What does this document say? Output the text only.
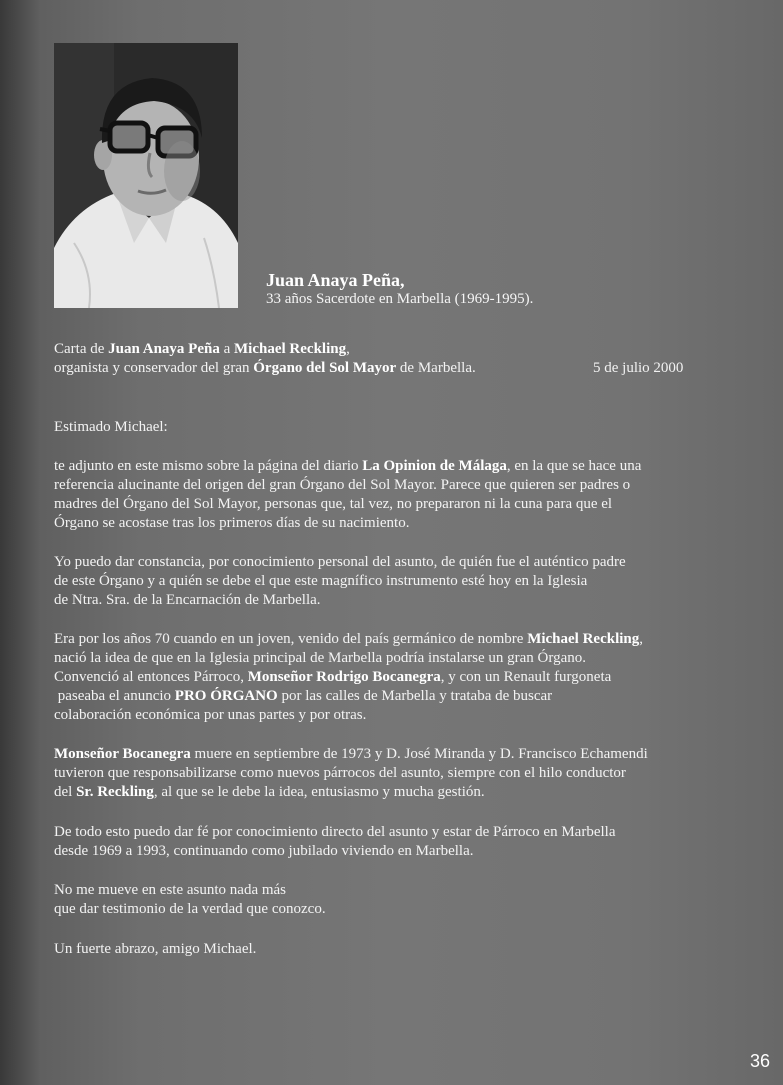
Juan Anaya Peña,
33 años Sacerdote en Marbella (1969-1995).
Carta de Juan Anaya Peña a Michael Reckling,
organista y conservador del gran Órgano del Sol Mayor de Marbella.	5 de julio 2000
Estimado Michael:
te adjunto en este mismo sobre la página del diario La Opinion de Málaga, en la que se hace una
referencia alucinante del origen del gran Órgano del Sol Mayor. Parece que quieren ser padres o
madres del Órgano del Sol Mayor, personas que, tal vez, no prepararon ni la cuna para que el
Órgano se acostase tras los primeros días de su nacimiento.
Yo puedo dar constancia, por conocimiento personal del asunto, de quién fue el auténtico padre
de este Órgano y a quién se debe el que este magnífico instrumento esté hoy en la Iglesia
de Ntra. Sra. de la Encarnación de Marbella.
Era por los años 70 cuando en un joven, venido del país germánico de nombre Michael Reckling,
nació la idea de que en la Iglesia principal de Marbella podría instalarse un gran Órgano.
Convenció al entonces Párroco, Monseñor Rodrigo Bocanegra, y con un Renault furgoneta
paseaba el anuncio PRO ÓRGANO por las calles de Marbella y trataba de buscar
colaboración económica por unas partes y por otras.
Monseñor Bocanegra muere en septiembre de 1973 y D. José Miranda y D. Francisco Echamendi
tuvieron que responsabilizarse como nuevos párrocos del asunto, siempre con el hilo conductor
del Sr. Reckling, al que se le debe la idea, entusiasmo y mucha gestión.
De todo esto puedo dar fé por conocimiento directo del asunto y estar de Párroco en Marbella
desde 1969 a 1993, continuando como jubilado viviendo en Marbella.
No me mueve en este asunto nada más
que dar testimonio de la verdad que conozco.
Un fuerte abrazo, amigo Michael.
36
